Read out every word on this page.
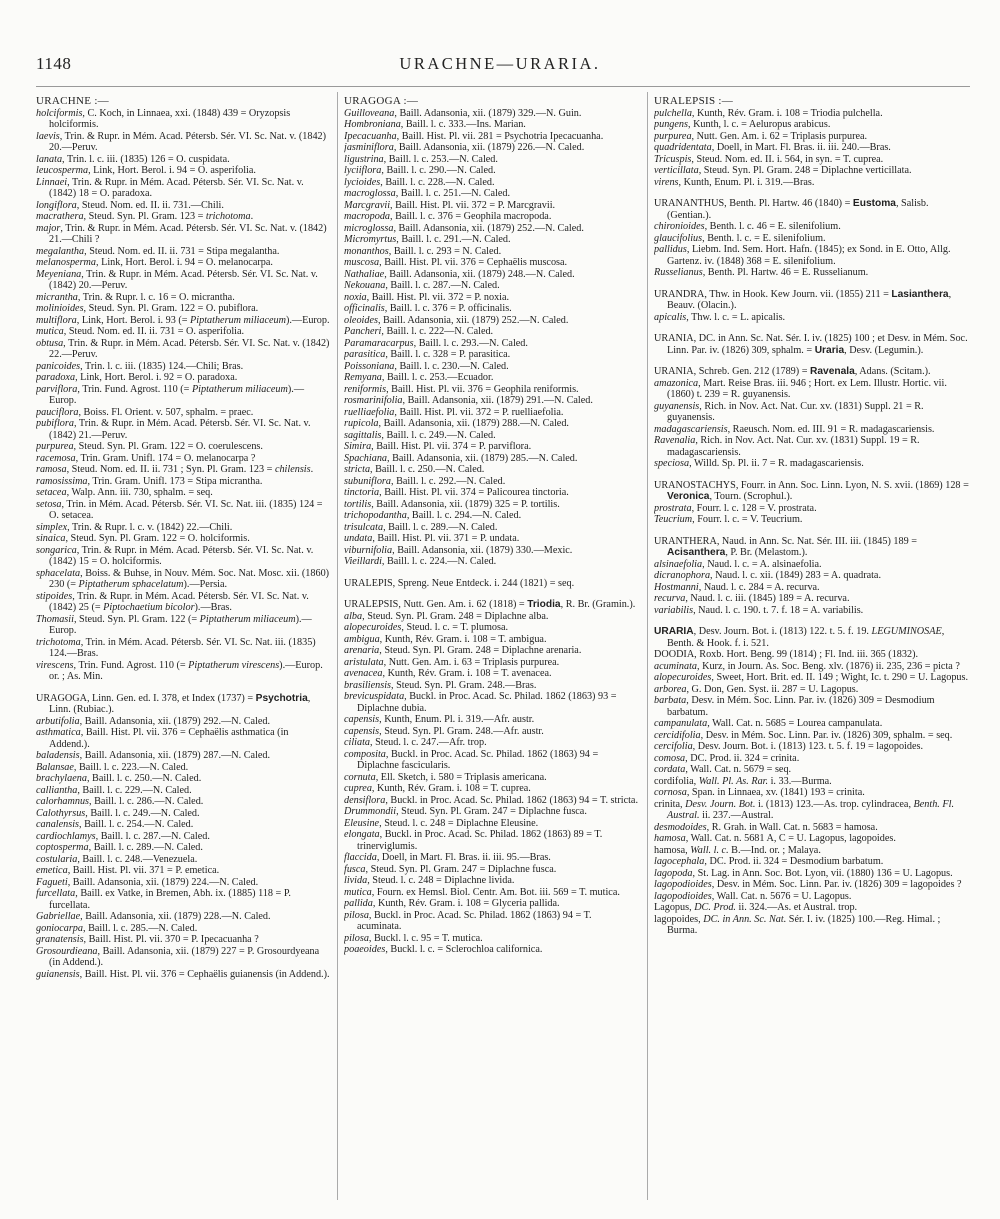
1148	URACHNE—URARIA.

URACHNE :—

holciformis, C. Koch, in Linnaea, xxi. (1848) 439 = Oryzopsis holciformis.

laevis, Trin. & Rupr. in Mém. Acad. Pétersb. Sér. VI. Sc. Nat. v. (1842) 20.—Peruv.

lanata, Trin. l. c. iii. (1835) 126 = O. cuspidata.

leucosperma, Link, Hort. Berol. i. 94 = O. asperifolia.

Linnaei, Trin. & Rupr. in Mém. Acad. Pétersb. Sér. VI. Sc. Nat. v. (1842) 18 = O. paradoxa.

longiflora, Steud. Nom. ed. II. ii. 731.—Chili.

macrathera, Steud. Syn. Pl. Gram. 123 = trichotoma.

major, Trin. & Rupr. in Mém. Acad. Pétersb. Sér. VI. Sc. Nat. v. (1842) 21.—Chili ?

megalantha, Steud. Nom. ed. II. ii. 731 = Stipa megalantha.

melanosperma, Link, Hort. Berol. i. 94 = O. melanocarpa.

Meyeniana, Trin. & Rupr. in Mém. Acad. Pétersb. Sér. VI. Sc. Nat. v. (1842) 20.—Peruv.

micrantha, Trin. & Rupr. l. c. 16 = O. micrantha.

molinioides, Steud. Syn. Pl. Gram. 122 = O. pubiflora.

multiflora, Link, Hort. Berol. i. 93 (= Piptatherum miliaceum).—Europ.

mutica, Steud. Nom. ed. II. ii. 731 = O. asperifolia.

obtusa, Trin. & Rupr. in Mém. Acad. Pétersb. Sér. VI. Sc. Nat. v. (1842) 22.—Peruv.

panicoides, Trin. l. c. iii. (1835) 124.—Chili; Bras.

paradoxa, Link, Hort. Berol. i. 92 = O. paradoxa.

parviflora, Trin. Fund. Agrost. 110 (= Piptatherum miliaceum).—Europ.

pauciflora, Boiss. Fl. Orient. v. 507, sphalm. = praec.

pubiflora, Trin. & Rupr. in Mém. Acad. Pétersb. Sér. VI. Sc. Nat. v. (1842) 21.—Peruv.

purpurea, Steud. Syn. Pl. Gram. 122 = O. coerulescens.

racemosa, Trin. Gram. Unifl. 174 = O. melanocarpa ?

ramosa, Steud. Nom. ed. II. ii. 731 ; Syn. Pl. Gram. 123 = chilensis.

ramosissima, Trin. Gram. Unifl. 173 = Stipa micrantha.

setacea, Walp. Ann. iii. 730, sphalm. = seq.

setosa, Trin. in Mém. Acad. Pétersb. Sér. VI. Sc. Nat. iii. (1835) 124 = O. setacea.

simplex, Trin. & Rupr. l. c. v. (1842) 22.—Chili.

sinaica, Steud. Syn. Pl. Gram. 122 = O. holciformis.

songarica, Trin. & Rupr. in Mém. Acad. Pétersb. Sér. VI. Sc. Nat. v. (1842) 15 = O. holciformis.

sphacelata, Boiss. & Buhse, in Nouv. Mém. Soc. Nat. Mosc. xii. (1860) 230 (= Piptatherum sphacelatum).—Persia.

stipoides, Trin. & Rupr. in Mém. Acad. Pétersb. Sér. VI. Sc. Nat. v. (1842) 25 (= Piptochaetium bicolor).—Bras.

Thomasii, Steud. Syn. Pl. Gram. 122 (= Piptatherum miliaceum).—Europ.

trichotoma, Trin. in Mém. Acad. Pétersb. Sér. VI. Sc. Nat. iii. (1835) 124.—Bras.

virescens, Trin. Fund. Agrost. 110 (= Piptatherum virescens).—Europ. or. ; As. Min.

URAGOGA, Linn. Gen. ed. I. 378, et Index (1737) = Psychotria, Linn. (Rubiac.).

arbutifolia, Baill. Adansonia, xii. (1879) 292.—N. Caled.

asthmatica, Baill. Hist. Pl. vii. 376 = Cephaëlis asthmatica (in Addend.).

baladensis, Baill. Adansonia, xii. (1879) 287.—N. Caled.

Balansae, Baill. l. c. 223.—N. Caled.

brachylaena, Baill. l. c. 250.—N. Caled.

calliantha, Baill. l. c. 229.—N. Caled.

calorhamnus, Baill. l. c. 286.—N. Caled.

Calothyrsus, Baill. l. c. 249.—N. Caled.

canalensis, Baill. l. c. 254.—N. Caled.

cardiochlamys, Baill. l. c. 287.—N. Caled.

coptosperma, Baill. l. c. 289.—N. Caled.

costularia, Baill. l. c. 248.—Venezuela.

emetica, Baill. Hist. Pl. vii. 371 = P. emetica.

Fagueti, Baill. Adansonia, xii. (1879) 224.—N. Caled.

furcellata, Baill. ex Vatke, in Bremen, Abh. ix. (1885) 118 = P. furcellata.

Gabriellae, Baill. Adansonia, xii. (1879) 228.—N. Caled.

goniocarpa, Baill. l. c. 285.—N. Caled.

granatensis, Baill. Hist. Pl. vii. 370 = P. Ipecacuanha ?

Grosourdieana, Baill. Adansonia, xii. (1879) 227 = P. Grosourdyeana (in Addend.).

guianensis, Baill. Hist. Pl. vii. 376 = Cephaëlis guianensis (in Addend.).

URAGOGA :—

Guilloveana, Baill. Adansonia, xii. (1879) 329.—N. Guin.

Hombroniana, Baill. l. c. 333.—Ins. Marian.

Ipecacuanha, Baill. Hist. Pl. vii. 281 = Psychotria Ipecacuanha.

jasminiflora, Baill. Adansonia, xii. (1879) 226.—N. Caled.

ligustrina, Baill. l. c. 253.—N. Caled.

lyciiflora, Baill. l. c. 290.—N. Caled.

lycioides, Baill. l. c. 228.—N. Caled.

macroglossa, Baill. l. c. 251.—N. Caled.

Marcgravii, Baill. Hist. Pl. vii. 372 = P. Marcgravii.

macropoda, Baill. l. c. 376 = Geophila macropoda.

microglossa, Baill. Adansonia, xii. (1879) 252.—N. Caled.

Micromyrtus, Baill. l. c. 291.—N. Caled.

monanthos, Baill. l. c. 293 = N. Caled.

muscosa, Baill. Hist. Pl. vii. 376 = Cephaëlis muscosa.

Nathaliae, Baill. Adansonia, xii. (1879) 248.—N. Caled.

Nekouana, Baill. l. c. 287.—N. Caled.

noxia, Baill. Hist. Pl. vii. 372 = P. noxia.

officinalis, Baill. l. c. 376 = P. officinalis.

oleoides, Baill. Adansonia, xii. (1879) 252.—N. Caled.

Pancheri, Baill. l. c. 222—N. Caled.

Paramaracarpus, Baill. l. c. 293.—N. Caled.

parasitica, Baill. l. c. 328 = P. parasitica.

Poissoniana, Baill. l. c. 230.—N. Caled.

Remyana, Baill. l. c. 253.—Ecuador.

reniformis, Baill. Hist. Pl. vii. 376 = Geophila reniformis.

rosmarinifolia, Baill. Adansonia, xii. (1879) 291.—N. Caled.

ruelliaefolia, Baill. Hist. Pl. vii. 372 = P. ruelliaefolia.

rupicola, Baill. Adansonia, xii. (1879) 288.—N. Caled.

sagittalis, Baill. l. c. 249.—N. Caled.

Simira, Baill. Hist. Pl. vii. 374 = P. parviflora.

Spachiana, Baill. Adansonia, xii. (1879) 285.—N. Caled.

stricta, Baill. l. c. 250.—N. Caled.

subuniflora, Baill. l. c. 292.—N. Caled.

tinctoria, Baill. Hist. Pl. vii. 374 = Palicourea tinctoria.

tortilis, Baill. Adansonia, xii. (1879) 325 = P. tortilis.

trichopodantha, Baill. l. c. 294.—N. Caled.

trisulcata, Baill. l. c. 289.—N. Caled.

undata, Baill. Hist. Pl. vii. 371 = P. undata.

viburnifolia, Baill. Adansonia, xii. (1879) 330.—Mexic.

Vieillardi, Baill. l. c. 224.—N. Caled.

URALEPIS, Spreng. Neue Entdeck. i. 244 (1821) = seq.

URALEPSIS, Nutt. Gen. Am. i. 62 (1818) = Triodia, R. Br. (Gramin.).

alba, Steud. Syn. Pl. Gram. 248 = Diplachne alba.

alopecuroides, Steud. l. c. = T. plumosa.

ambigua, Kunth, Rév. Gram. i. 108 = T. ambigua.

arenaria, Steud. Syn. Pl. Gram. 248 = Diplachne arenaria.

aristulata, Nutt. Gen. Am. i. 63 = Triplasis purpurea.

avenacea, Kunth, Rév. Gram. i. 108 = T. avenacea.

brasiliensis, Steud. Syn. Pl. Gram. 248.—Bras.

brevicuspidata, Buckl. in Proc. Acad. Sc. Philad. 1862 (1863) 93 = Diplachne dubia.

capensis, Kunth, Enum. Pl. i. 319.—Afr. austr.

capensis, Steud. Syn. Pl. Gram. 248.—Afr. austr.

ciliata, Steud. l. c. 247.—Afr. trop.

composita, Buckl. in Proc. Acad. Sc. Philad. 1862 (1863) 94 = Diplachne fascicularis.

cornuta, Ell. Sketch, i. 580 = Triplasis americana.

cuprea, Kunth, Rév. Gram. i. 108 = T. cuprea.

densiflora, Buckl. in Proc. Acad. Sc. Philad. 1862 (1863) 94 = T. stricta.

Drummondii, Steud. Syn. Pl. Gram. 247 = Diplachne fusca.

Eleusine, Steud. l. c. 248 = Diplachne Eleusine.

elongata, Buckl. in Proc. Acad. Sc. Philad. 1862 (1863) 89 = T. trinerviglumis.

flaccida, Doell, in Mart. Fl. Bras. ii. iii. 95.—Bras.

fusca, Steud. Syn. Pl. Gram. 247 = Diplachne fusca.

livida, Steud. l. c. 248 = Diplachne livida.

mutica, Fourn. ex Hemsl. Biol. Centr. Am. Bot. iii. 569 = T. mutica.

pallida, Kunth, Rév. Gram. i. 108 = Glyceria pallida.

pilosa, Buckl. in Proc. Acad. Sc. Philad. 1862 (1863) 94 = T. acuminata.

pilosa, Buckl. l. c. 95 = T. mutica.

poaeoides, Buckl. l. c. = Sclerochloa californica.

URALEPSIS :—

pulchella, Kunth, Rév. Gram. i. 108 = Triodia pulchella.

pungens, Kunth, l. c. = Aeluropus arabicus.

purpurea, Nutt. Gen. Am. i. 62 = Triplasis purpurea.

quadridentata, Doell, in Mart. Fl. Bras. ii. iii. 240.—Bras.

Tricuspis, Steud. Nom. ed. II. i. 564, in syn. = T. cuprea.

verticillata, Steud. Syn. Pl. Gram. 248 = Diplachne verticillata.

virens, Kunth, Enum. Pl. i. 319.—Bras.

URANANTHUS, Benth. Pl. Hartw. 46 (1840) = Eustoma, Salisb. (Gentian.).

chironioides, Benth. l. c. 46 = E. silenifolium.

glaucifolius, Benth. l. c. = E. silenifolium.

pallidus, Liebm. Ind. Sem. Hort. Hafn. (1845); ex Sond. in E. Otto, Allg. Gartenz. iv. (1848) 368 = E. silenifolium.

Russelianus, Benth. Pl. Hartw. 46 = E. Russelianum.

URANDRA, Thw. in Hook. Kew Journ. vii. (1855) 211 = Lasianthera, Beauv. (Olacin.).

apicalis, Thw. l. c. = L. apicalis.

URANIA, DC. in Ann. Sc. Nat. Sér. I. iv. (1825) 100 ; et Desv. in Mém. Soc. Linn. Par. iv. (1826) 309, sphalm. = Uraria, Desv. (Legumin.).

URANIA, Schreb. Gen. 212 (1789) = Ravenala, Adans. (Scitam.).

amazonica, Mart. Reise Bras. iii. 946 ; Hort. ex Lem. Illustr. Hortic. vii. (1860) t. 239 = R. guyanensis.

guyanensis, Rich. in Nov. Act. Nat. Cur. xv. (1831) Suppl. 21 = R. guyanensis.

madagascariensis, Raeusch. Nom. ed. III. 91 = R. madagascariensis.

Ravenalia, Rich. in Nov. Act. Nat. Cur. xv. (1831) Suppl. 19 = R. madagascariensis.

speciosa, Willd. Sp. Pl. ii. 7 = R. madagascariensis.

URANOSTACHYS, Fourr. in Ann. Soc. Linn. Lyon, N. S. xvii. (1869) 128 = Veronica, Tourn. (Scrophul.).

prostrata, Fourr. l. c. 128 = V. prostrata.

Teucrium, Fourr. l. c. = V. Teucrium.

URANTHERA, Naud. in Ann. Sc. Nat. Sér. III. iii. (1845) 189 = Acisanthera, P. Br. (Melastom.).

alsinaefolia, Naud. l. c. = A. alsinaefolia.

dicranophora, Naud. l. c. xii. (1849) 283 = A. quadrata.

Hostmanni, Naud. l. c. 284 = A. recurva.

recurva, Naud. l. c. iii. (1845) 189 = A. recurva.

variabilis, Naud. l. c. 190. t. 7. f. 18 = A. variabilis.

URARIA, Desv. Journ. Bot. i. (1813) 122. t. 5. f. 19. LEGUMINOSAE, Benth. & Hook. f. i. 521.

DOODIA, Roxb. Hort. Beng. 99 (1814) ; Fl. Ind. iii. 365 (1832).

acuminata, Kurz, in Journ. As. Soc. Beng. xlv. (1876) ii. 235, 236 = picta ?

alopecuroides, Sweet, Hort. Brit. ed. II. 149 ; Wight, Ic. t. 290 = U. Lagopus.

arborea, G. Don, Gen. Syst. ii. 287 = U. Lagopus.

barbata, Desv. in Mém. Soc. Linn. Par. iv. (1826) 309 = Desmodium barbatum.

campanulata, Wall. Cat. n. 5685 = Lourea campanulata.

cercidifolia, Desv. in Mém. Soc. Linn. Par. iv. (1826) 309, sphalm. = seq.

cercifolia, Desv. Journ. Bot. i. (1813) 123. t. 5. f. 19 = lagopoides.

comosa, DC. Prod. ii. 324 = crinita.

cordata, Wall. Cat. n. 5679 = seq.

cordifolia, Wall. Pl. As. Rar. i. 33.—Burma.

cornosa, Span. in Linnaea, xv. (1841) 193 = crinita.

crinita, Desv. Journ. Bot. i. (1813) 123.—As. trop. cylindracea, Benth. Fl. Austral. ii. 237.—Austral.

desmodoides, R. Grah. in Wall. Cat. n. 5683 = hamosa.

hamosa, Wall. Cat. n. 5681 A, C = U. Lagopus, lagopoides.

hamosa, Wall. l. c. B.—Ind. or. ; Malaya.

lagocephala, DC. Prod. ii. 324 = Desmodium barbatum.

lagopoda, St. Lag. in Ann. Soc. Bot. Lyon, vii. (1880) 136 = U. Lagopus.

lagopodioides, Desv. in Mém. Soc. Linn. Par. iv. (1826) 309 = lagopoides ?

lagopodioides, Wall. Cat. n. 5676 = U. Lagopus.

Lagopus, DC. Prod. ii. 324.—As. et Austral. trop.

lagopoides, DC. in Ann. Sc. Nat. Sér. I. iv. (1825) 100.—Reg. Himal. ; Burma.
